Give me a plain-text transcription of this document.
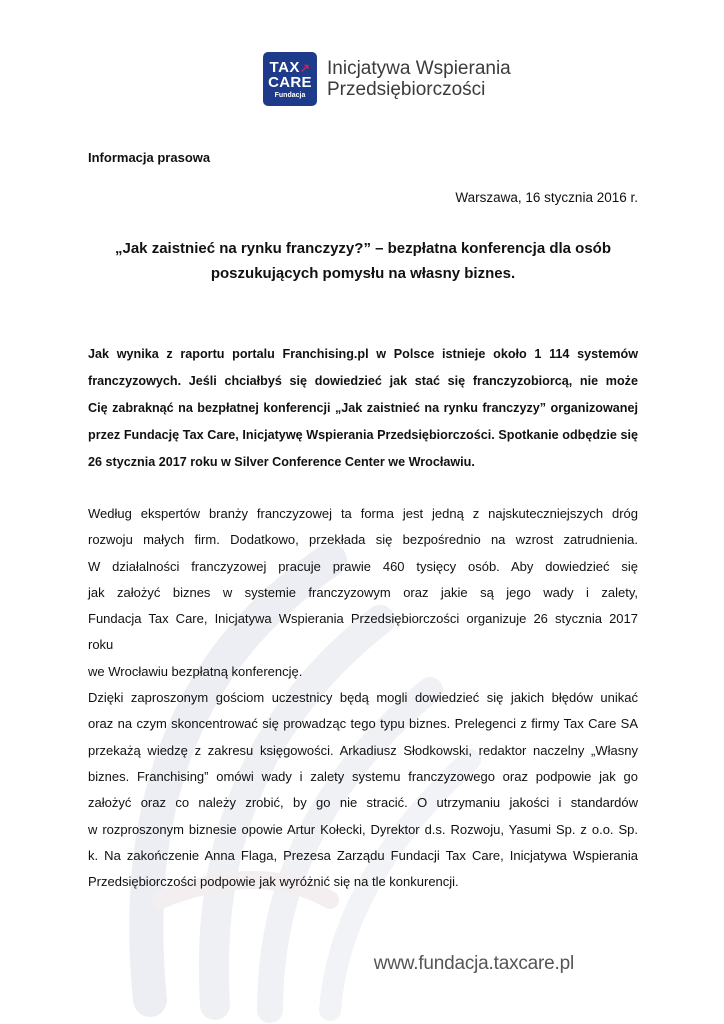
TAX↗
CARE
Fundacja
Inicjatywa Wspierania
Przedsiębiorczości
Informacja prasowa
Warszawa, 16 stycznia 2016 r.
„Jak zaistnieć na rynku franczyzy?” – bezpłatna konferencja dla osób
poszukujących pomysłu na własny biznes.
Jak wynika z raportu portalu Franchising.pl w Polsce istnieje około 1 114 systemów
franczyzowych. Jeśli chciałbyś się dowiedzieć jak stać się franczyzobiorcą, nie może
Cię zabraknąć na bezpłatnej konferencji „Jak zaistnieć na rynku franczyzy” organizowanej
przez Fundację Tax Care, Inicjatywę Wspierania Przedsiębiorczości. Spotkanie odbędzie się
26 stycznia 2017 roku w Silver Conference Center we Wrocławiu.
Według ekspertów branży franczyzowej ta forma jest jedną z najskuteczniejszych dróg
rozwoju małych firm. Dodatkowo, przekłada się bezpośrednio na wzrost zatrudnienia.
W działalności franczyzowej pracuje prawie 460 tysięcy osób. Aby dowiedzieć się
jak założyć biznes w systemie franczyzowym oraz jakie są jego wady i zalety,
Fundacja Tax Care, Inicjatywa Wspierania Przedsiębiorczości organizuje 26 stycznia 2017
roku
we Wrocławiu bezpłatną konferencję.
Dzięki zaproszonym gościom uczestnicy będą mogli dowiedzieć się jakich błędów unikać
oraz na czym skoncentrować się prowadząc tego typu biznes. Prelegenci z firmy Tax Care SA
przekażą wiedzę z zakresu księgowości. Arkadiusz Słodkowski, redaktor naczelny „Własny
biznes. Franchising” omówi wady i zalety systemu franczyzowego oraz podpowie jak go
założyć oraz co należy zrobić, by go nie stracić. O utrzymaniu jakości i standardów
w rozproszonym biznesie opowie Artur Kołecki, Dyrektor d.s. Rozwoju, Yasumi Sp. z o.o. Sp.
k. Na zakończenie Anna Flaga, Prezesa Zarządu Fundacji Tax Care, Inicjatywa Wspierania
Przedsiębiorczości podpowie jak wyróżnić się na tle konkurencji.
www.fundacja.taxcare.pl
